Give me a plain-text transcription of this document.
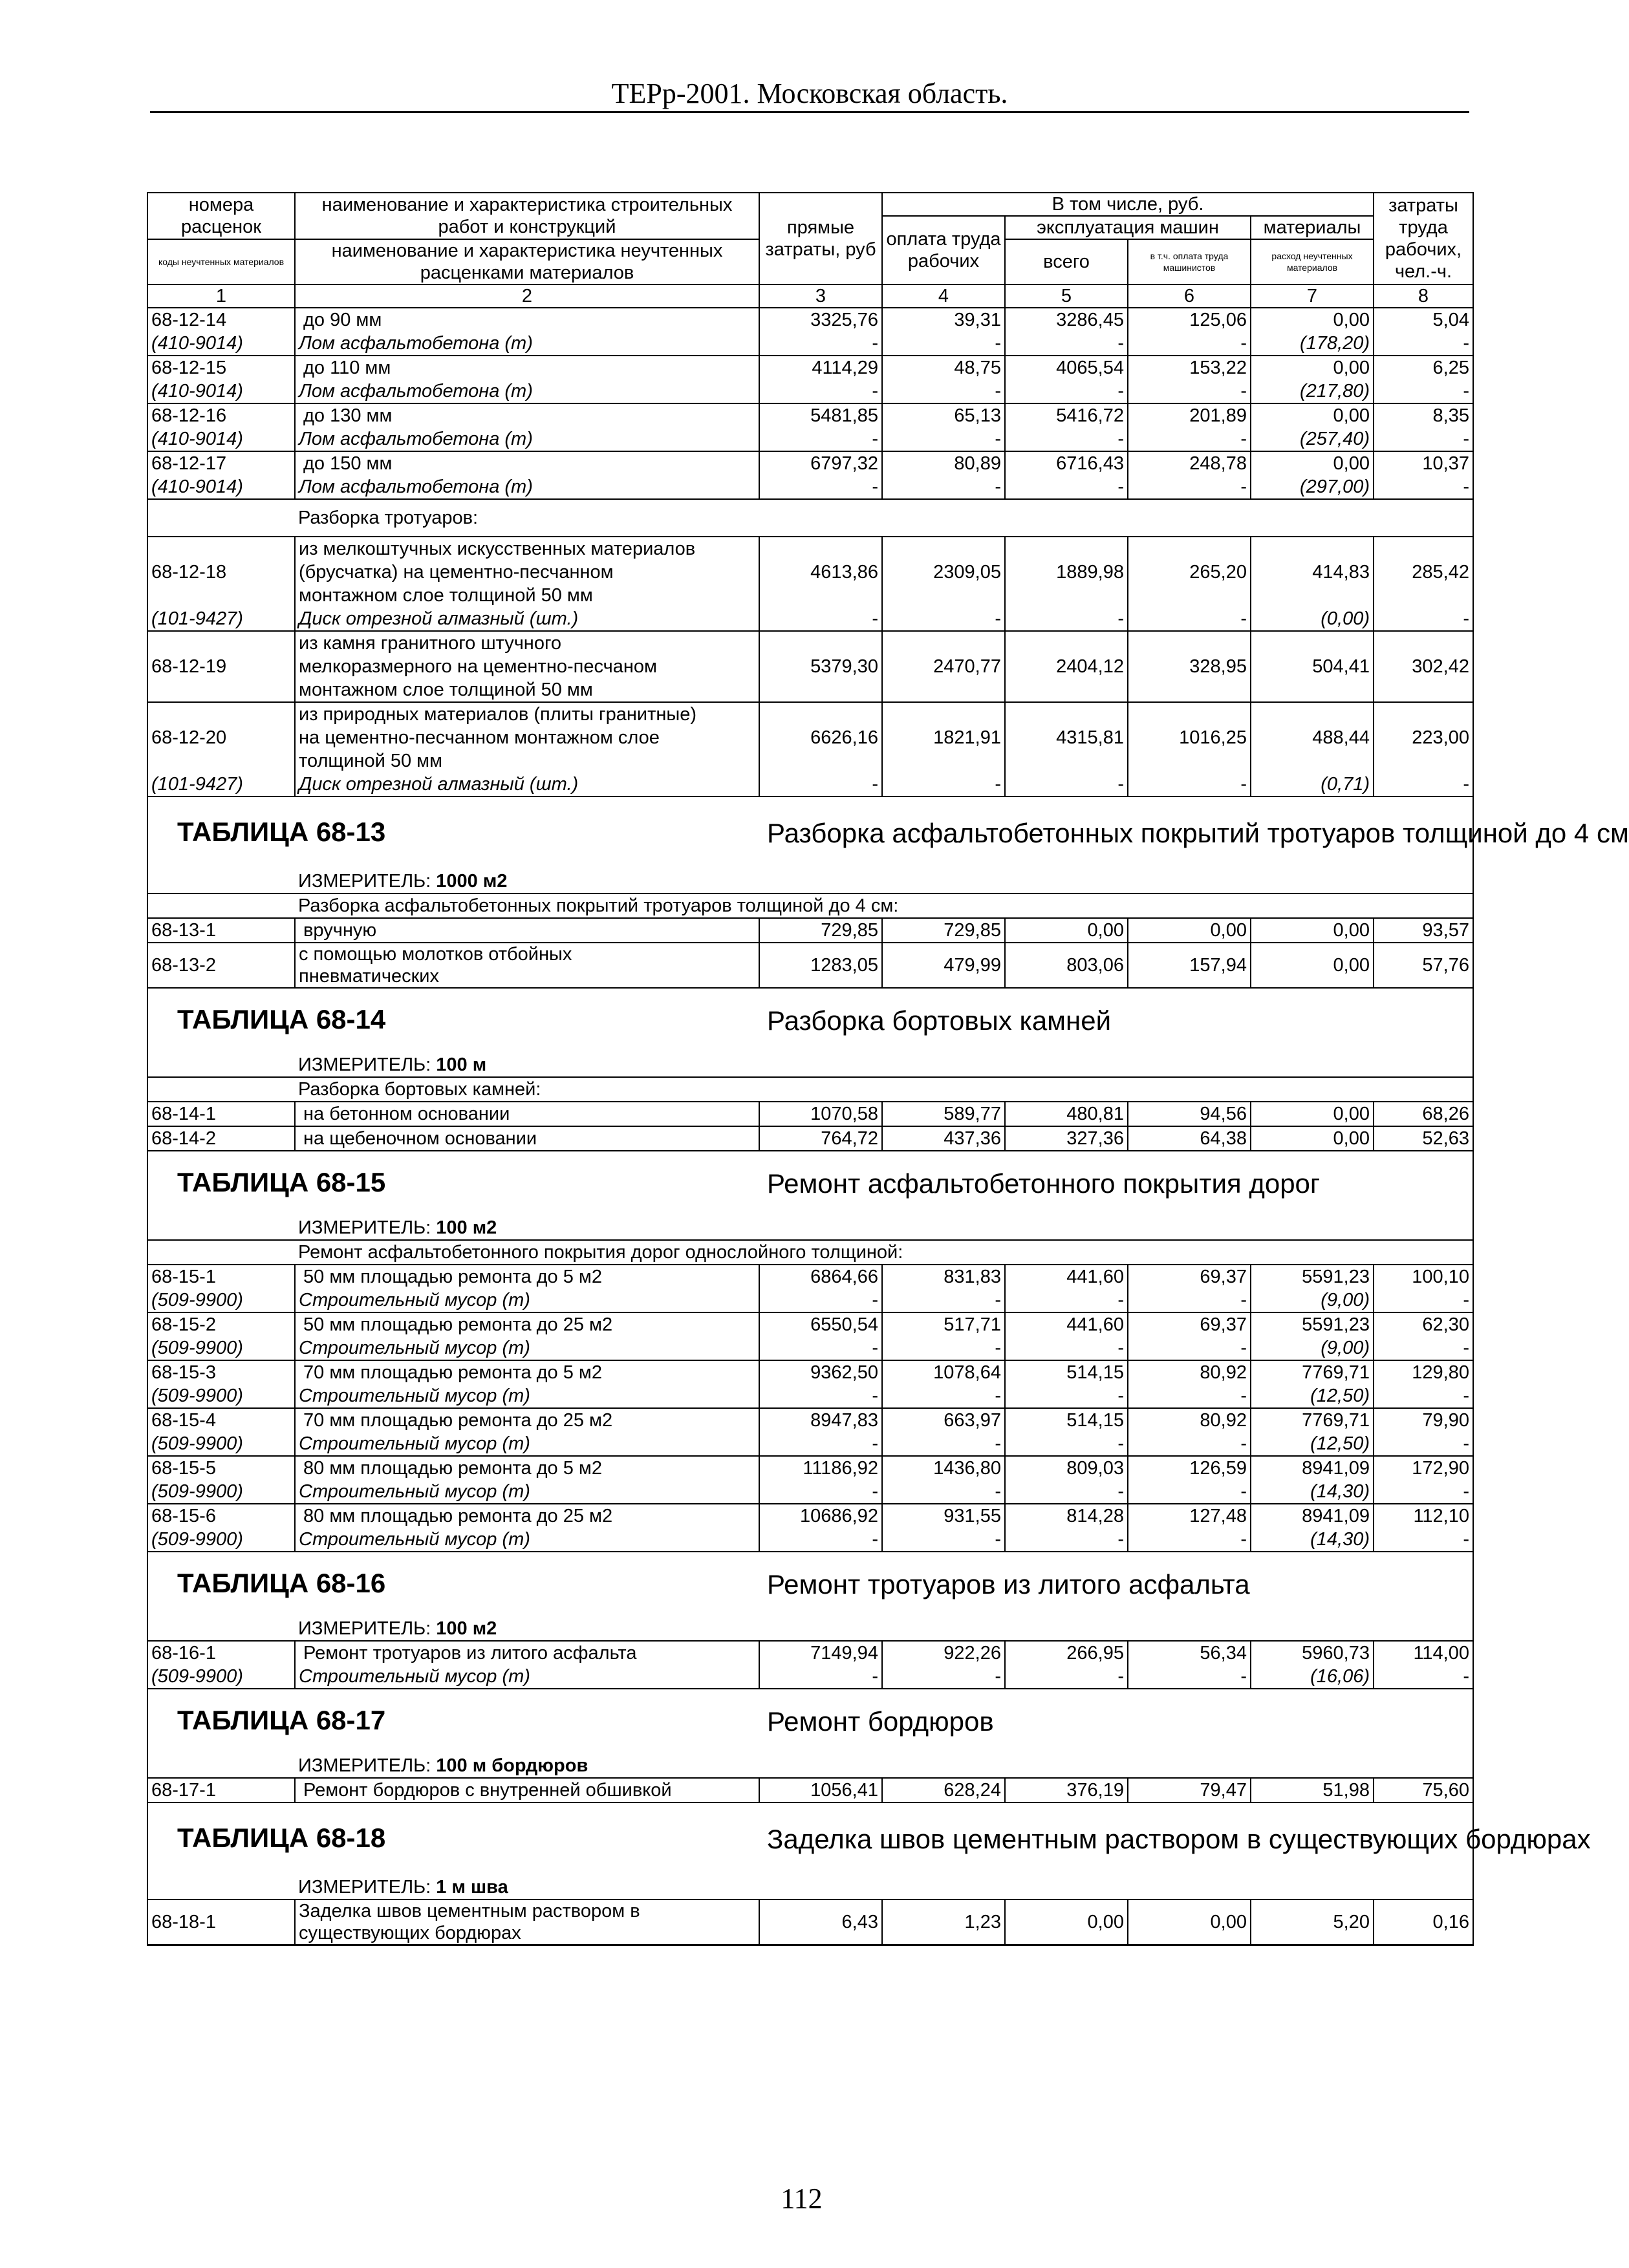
ТЕРр-2001. Московская область.
номера расценок	наименование и характеристика строительных работ и конструкций	прямые затраты, руб	В том числе, руб.				затраты труда рабочих, чел.-ч.
			оплата труда рабочих	эксплуатация машин		материалы	
коды неучтенных материалов	наименование и характеристика неучтенных расценками материалов			всего	в т.ч. оплата труда машинистов	расход неучтенных материалов	

1	2	3	4	5	6	7	8
68-12-14	до 90 мм	3325,76	39,31	3286,45	125,06	0,00	5,04
(410-9014)	Лом асфальтобетона (т)	-	-	-	-	(178,20)	-
68-12-15	до 110 мм	4114,29	48,75	4065,54	153,22	0,00	6,25
(410-9014)	Лом асфальтобетона (т)	-	-	-	-	(217,80)	-
68-12-16	до 130 мм	5481,85	65,13	5416,72	201,89	0,00	8,35
(410-9014)	Лом асфальтобетона (т)	-	-	-	-	(257,40)	-
68-12-17	до 150 мм	6797,32	80,89	6716,43	248,78	0,00	10,37
(410-9014)	Лом асфальтобетона (т)	-	-	-	-	(297,00)	-
	Разборка тротуаров:						
68-12-18	из мелкоштучных искусственных материалов
(брусчатка) на цементно-песчанном
монтажном слое толщиной 50 мм	4613,86	2309,05	1889,98	265,20	414,83	285,42
(101-9427)	Диск отрезной алмазный (шт.)	-	-	-	-	(0,00)	-
68-12-19	из камня гранитного штучного
мелкоразмерного на цементно-песчаном
монтажном слое толщиной 50 мм	5379,30	2470,77	2404,12	328,95	504,41	302,42
68-12-20	из природных материалов (плиты гранитные)
на цементно-песчанном монтажном слое
толщиной 50 мм	6626,16	1821,91	4315,81	1016,25	488,44	223,00
(101-9427)	Диск отрезной алмазный (шт.)	-	-	-	-	(0,71)	-
ТАБЛИЦА 68-13		Разборка асфальтобетонных покрытий тротуаров толщиной до 4 см					
	ИЗМЕРИТЕЛЬ: 1000 м2						
	Разборка асфальтобетонных покрытий тротуаров толщиной до 4 см:						
68-13-1	вручную	729,85	729,85	0,00	0,00	0,00	93,57
68-13-2	с помощью молотков отбойных
пневматических	1283,05	479,99	803,06	157,94	0,00	57,76
ТАБЛИЦА 68-14		Разборка бортовых камней					
	ИЗМЕРИТЕЛЬ: 100 м						
	Разборка бортовых камней:						
68-14-1	на бетонном основании	1070,58	589,77	480,81	94,56	0,00	68,26
68-14-2	на щебеночном основании	764,72	437,36	327,36	64,38	0,00	52,63
ТАБЛИЦА 68-15		Ремонт асфальтобетонного покрытия дорог					
	ИЗМЕРИТЕЛЬ: 100 м2						
	Ремонт асфальтобетонного покрытия дорог однослойного толщиной:						
68-15-1	50 мм площадью ремонта до 5 м2	6864,66	831,83	441,60	69,37	5591,23	100,10
(509-9900)	Строительный мусор (т)	-	-	-	-	(9,00)	-
68-15-2	50 мм площадью ремонта до 25 м2	6550,54	517,71	441,60	69,37	5591,23	62,30
(509-9900)	Строительный мусор (т)	-	-	-	-	(9,00)	-
68-15-3	70 мм площадью ремонта до 5 м2	9362,50	1078,64	514,15	80,92	7769,71	129,80
(509-9900)	Строительный мусор (т)	-	-	-	-	(12,50)	-
68-15-4	70 мм площадью ремонта до 25 м2	8947,83	663,97	514,15	80,92	7769,71	79,90
(509-9900)	Строительный мусор (т)	-	-	-	-	(12,50)	-
68-15-5	80 мм площадью ремонта до 5 м2	11186,92	1436,80	809,03	126,59	8941,09	172,90
(509-9900)	Строительный мусор (т)	-	-	-	-	(14,30)	-
68-15-6	80 мм площадью ремонта до 25 м2	10686,92	931,55	814,28	127,48	8941,09	112,10
(509-9900)	Строительный мусор (т)	-	-	-	-	(14,30)	-
ТАБЛИЦА 68-16		Ремонт тротуаров из литого асфальта					
	ИЗМЕРИТЕЛЬ: 100 м2						
68-16-1	Ремонт тротуаров из литого асфальта	7149,94	922,26	266,95	56,34	5960,73	114,00
(509-9900)	Строительный мусор (т)	-	-	-	-	(16,06)	-
ТАБЛИЦА 68-17		Ремонт бордюров					
	ИЗМЕРИТЕЛЬ: 100 м бордюров						
68-17-1	Ремонт бордюров с внутренней обшивкой	1056,41	628,24	376,19	79,47	51,98	75,60
ТАБЛИЦА 68-18		Заделка швов цементным раствором в существующих бордюрах					
	ИЗМЕРИТЕЛЬ: 1 м шва						
68-18-1	Заделка швов цементным раствором в
существующих бордюрах	6,43	1,23	0,00	0,00	5,20	0,16
112
